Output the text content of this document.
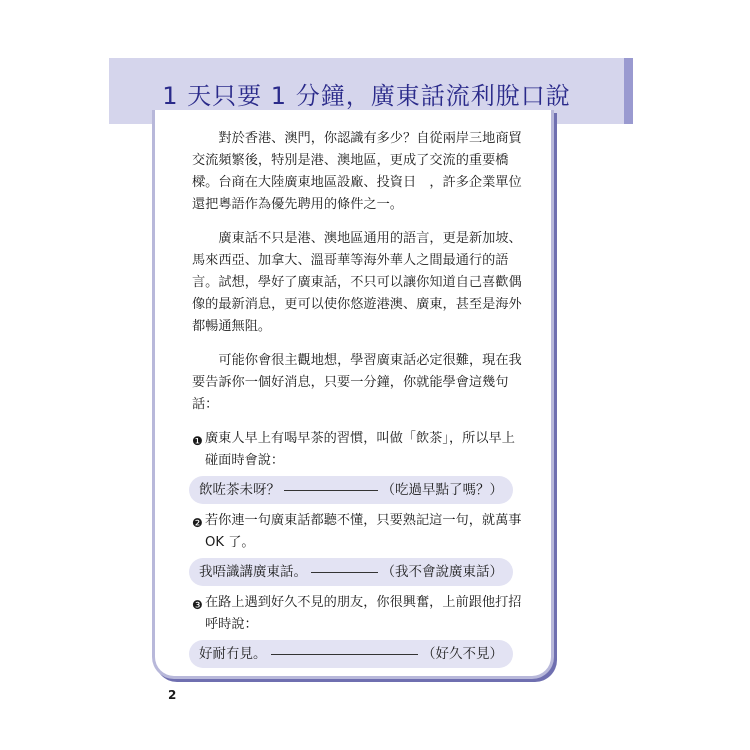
1 天只要 1 分鐘，廣東話流利脫口說

對於香港、澳門，你認識有多少？自從兩岸三地商貿交流頻繁後，特別是港、澳地區，更成了交流的重要橋樑。台商在大陸廣東地區設廠、投資日　，許多企業單位還把粵語作為優先聘用的條件之一。

廣東話不只是港、澳地區通用的語言，更是新加坡、馬來西亞、加拿大、溫哥華等海外華人之間最通行的語言。試想，學好了廣東話，不只可以讓你知道自己喜歡偶像的最新消息，更可以使你悠遊港澳、廣東，甚至是海外都暢通無阻。

可能你會很主觀地想，學習廣東話必定很難，現在我要告訴你一個好消息，只要一分鐘，你就能學會這幾句話：

❶ 廣東人早上有喝早茶的習慣，叫做「飲茶」，所以早上碰面時會說：
飲咗茶未呀？	（吃過早點了嗎？）
❷ 若你連一句廣東話都聽不懂，只要熟記這一句，就萬事 OK 了。
我唔識講廣東話。	（我不會說廣東話）
❸ 在路上遇到好久不見的朋友，你很興奮，上前跟他打招呼時說：
好耐冇見。	（好久不見）
2
